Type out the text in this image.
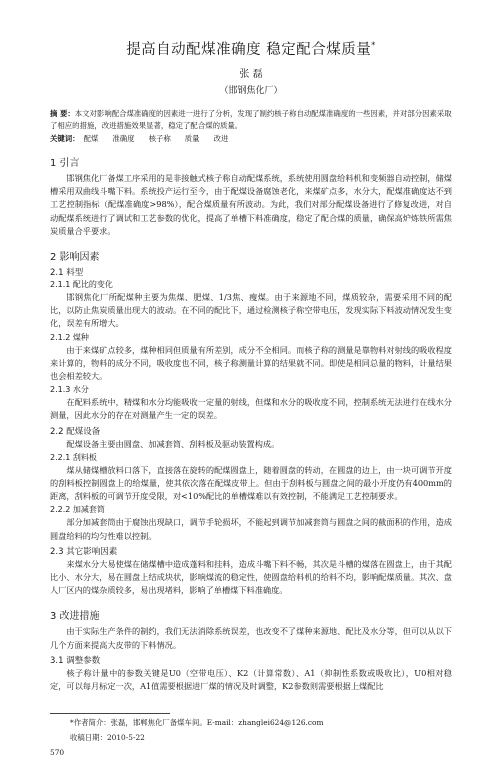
提高自动配煤准确度 稳定配合煤质量*
张 磊
（邯钢焦化厂）
摘 要：本文对影响配合煤准确度的因素进一进行了分析，发现了制约核子称自动配煤准确度的一些因素，并对部分因素采取了相应的措施，改进措施效果显著，稳定了配合煤的质量。
关键词： 配煤 准确度 核子称 质量 改进
1 引言

邯钢焦化厂备煤工序采用的是非接触式核子称自动配煤系统，系统使用圆盘给料机和变频器自动控制，储煤槽采用双曲线斗嘴下料。系统投产运行至今，由于配煤设备腐蚀老化，来煤矿点多，水分大，配煤准确度达不到工艺控制指标（配煤准确度>98%），配合煤质量有所波动。为此，我们对部分配煤设备进行了修复改进，对自动配煤系统进行了调试和工艺参数的优化，提高了单槽下料准确度，稳定了配合煤的质量，确保高炉炼铁所需焦炭质量合乎要求。

2 影响因素
2.1 料型
2.1.1 配比的变化

邯钢焦化厂所配煤种主要为焦煤、肥煤、1/3焦、瘦煤。由于来源地不同，煤质较杂，需要采用不同的配比，以防止焦炭质量出现大的波动。在不同的配比下，通过检测核子称空带电压，发现实际下料波动情况发生变化，误差有所增大。

2.1.2 煤种

由于来煤矿点较多，煤种相同但质量有所差别，成分不全相同。而核子称的测量是靠物料对射线的吸收程度来计算的，物料的成分不同，吸收度也不同，核子称测量计算的结果就不同。即使是相同总量的物料，计量结果也会相差较大。

2.1.3 水分

在配料系统中，精煤和水分均能吸收一定量的射线，但煤和水分的吸收度不同，控制系统无法进行在线水分测量，因此水分的存在对测量产生一定的误差。

2.2 配煤设备

配煤设备主要由圆盘、加减套筒、刮料板及驱动装置构成。

2.2.1 刮料板

煤从储煤槽放料口落下，直接落在旋转的配煤圆盘上，随着圆盘的转动，在圆盘的边上，由一块可调节开度的刮料板控制圆盘上的给煤量，使其依次落在配煤皮带上。但由于刮料板与圆盘之间的最小开度仍有400mm的距离，刮料板的可调节开度受限，对<10%配比的单槽煤难以有效控制，不能满足工艺控制要求。

2.2.2 加减套筒

部分加减套筒由于腐蚀出现缺口，调节手轮损坏，不能起到调节加减套筒与圆盘之间的截面积的作用，造成圆盘给料的均匀性难以控制。

2.3 其它影响因素

来煤水分大易使煤在储煤槽中造成蓬料和挂料，造成斗嘴下料不畅，其次是斗槽的煤落在圆盘上，由于其配比小、水分大，易在圆盘上结成块状，影响煤流的稳定性，使圆盘给料机的给料不均，影响配煤质量。其次、盘人厂区内的煤杂质较多，易出现堵料，影响了单槽煤下料准确度。

3 改进措施

由于实际生产条件的制约，我们无法消除系统误差，也改变不了煤种来源地、配比及水分等，但可以从以下几个方面来提高大皮带的下料情况。

3.1 调整参数

核子称计量中的参数关键是U0（空带电压）、K2（计算常数）、A1（抑制性系数或吸收比），U0相对稳定，可以每月标定一次，A1值需要根据进厂煤的情况及时调整，K2参数则需要根据上煤配比

*作者简介：张磊，邯郸焦化厂备煤车间。E-mail：zhanglei624@126.com
收稿日期：2010-5-22
570
